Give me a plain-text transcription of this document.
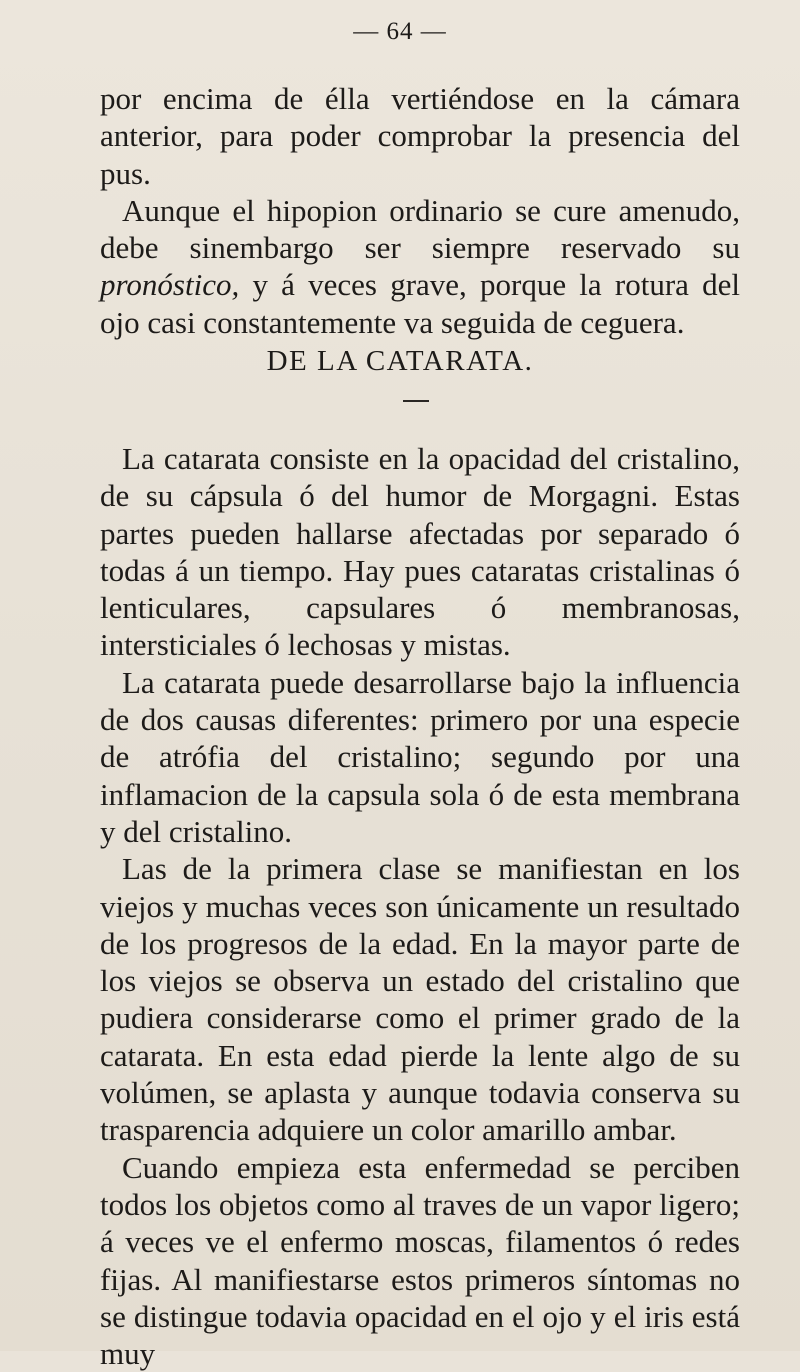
— 64 —

por encima de élla vertiéndose en la cámara anterior, para poder comprobar la presencia del pus.

Aunque el hipopion ordinario se cure amenudo, debe sinembargo ser siempre reservado su pronóstico, y á veces grave, porque la rotura del ojo casi constantemente va seguida de ceguera.

DE LA CATARATA.

La catarata consiste en la opacidad del cristalino, de su cápsula ó del humor de Morgagni. Estas partes pueden hallarse afectadas por separado ó todas á un tiempo. Hay pues cataratas cristalinas ó lenticulares, capsulares ó membranosas, intersticiales ó lechosas y mistas.

La catarata puede desarrollarse bajo la influencia de dos causas diferentes: primero por una especie de atrófia del cristalino; segundo por una inflamacion de la capsula sola ó de esta membrana y del cristalino.

Las de la primera clase se manifiestan en los viejos y muchas veces son únicamente un resultado de los progresos de la edad. En la mayor parte de los viejos se observa un estado del cristalino que pudiera considerarse como el primer grado de la catarata. En esta edad pierde la lente algo de su volúmen, se aplasta y aunque todavia conserva su trasparencia adquiere un color amarillo ambar.

Cuando empieza esta enfermedad se perciben todos los objetos como al traves de un vapor ligero; á veces ve el enfermo moscas, filamentos ó redes fijas. Al manifiestarse estos primeros síntomas no se distingue todavia opacidad en el ojo y el iris está muy
